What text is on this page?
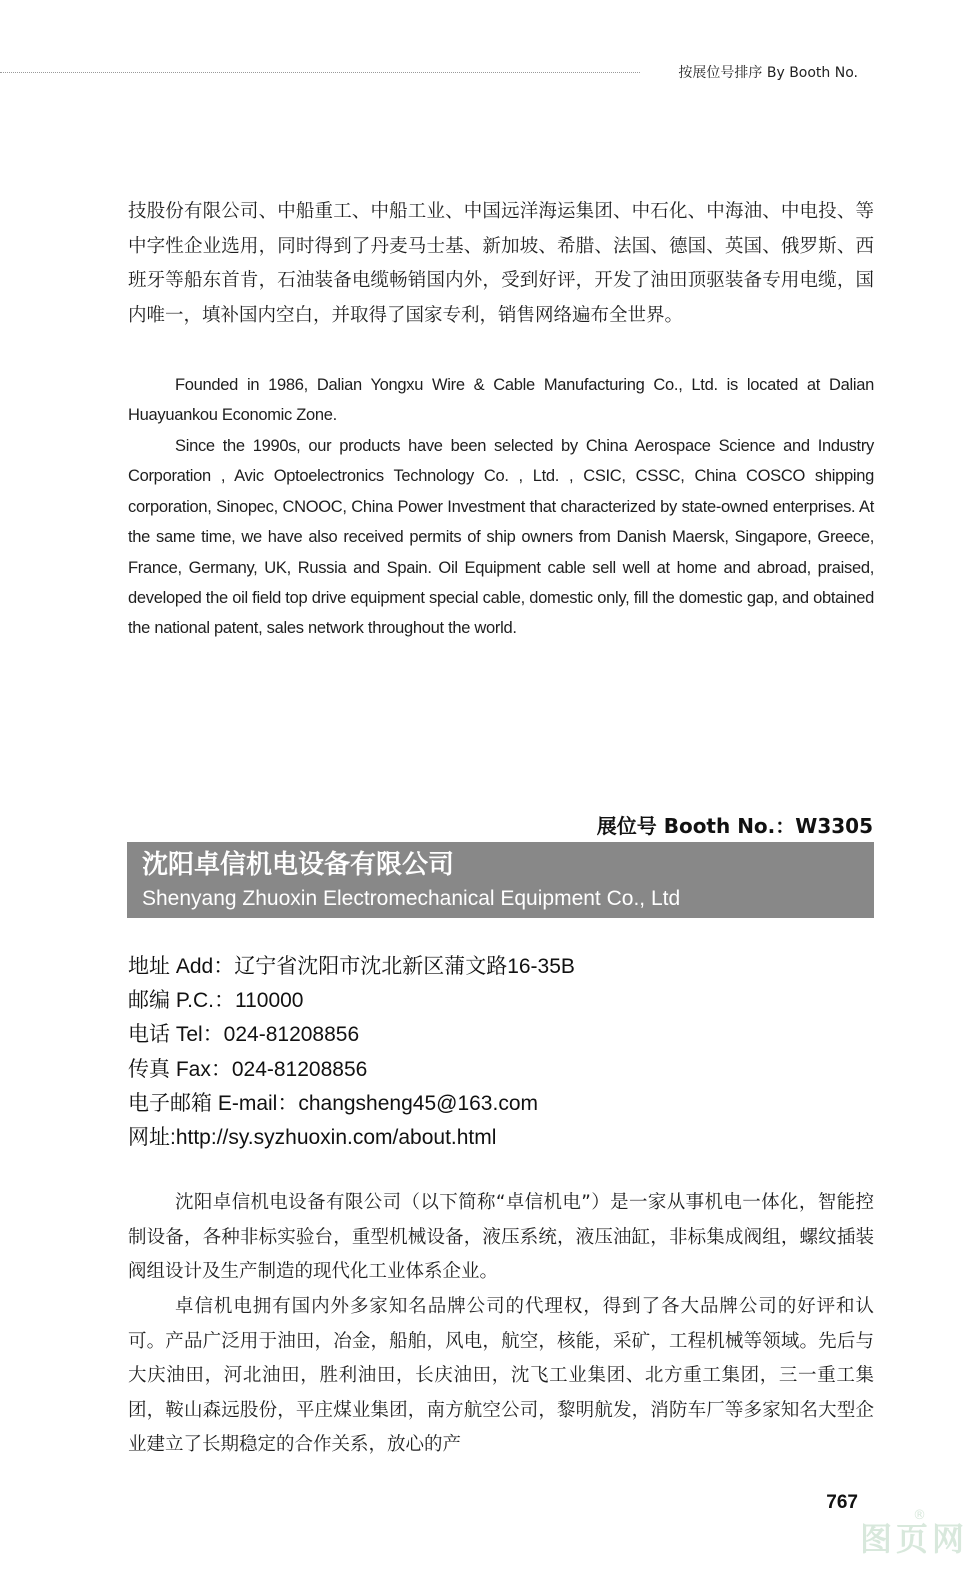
按展位号排序 By Booth No.

技股份有限公司、中船重工、中船工业、中国远洋海运集团、中石化、中海油、中电投、等中字性企业选用，同时得到了丹麦马士基、新加坡、希腊、法国、德国、英国、俄罗斯、西班牙等船东首肯，石油装备电缆畅销国内外，受到好评，开发了油田顶驱装备专用电缆，国内唯一，填补国内空白，并取得了国家专利，销售网络遍布全世界。

Founded in 1986, Dalian Yongxu Wire & Cable Manufacturing Co., Ltd. is located at Dalian Huayuankou Economic Zone.

Since the 1990s, our products have been selected by China Aerospace Science and Industry Corporation , Avic Optoelectronics Technology Co. , Ltd. , CSIC, CSSC, China COSCO shipping corporation, Sinopec, CNOOC, China Power Investment that characterized by state-owned enterprises. At the same time, we have also received permits of ship owners from Danish Maersk, Singapore, Greece, France, Germany, UK, Russia and Spain. Oil Equipment cable sell well at home and abroad, praised, developed the oil field top drive equipment special cable, domestic only, fill the domestic gap, and obtained the national patent, sales network throughout the world.

展位号 Booth No.：W3305
沈阳卓信机电设备有限公司
Shenyang Zhuoxin Electromechanical Equipment Co., Ltd
地址 Add：辽宁省沈阳市沈北新区蒲文路16-35B
邮编 P.C.：110000
电话 Tel：024-81208856
传真 Fax：024-81208856
电子邮箱 E-mail：changsheng45@163.com
网址:http://sy.syzhuoxin.com/about.html

沈阳卓信机电设备有限公司（以下简称“卓信机电”）是一家从事机电一体化，智能控制设备，各种非标实验台，重型机械设备，液压系统，液压油缸，非标集成阀组，螺纹插装阀组设计及生产制造的现代化工业体系企业。

卓信机电拥有国内外多家知名品牌公司的代理权，得到了各大品牌公司的好评和认可。产品广泛用于油田，冶金，船舶，风电，航空，核能，采矿，工程机械等领域。先后与大庆油田，河北油田，胜利油田，长庆油田，沈飞工业集团、北方重工集团，三一重工集团，鞍山森远股份，平庄煤业集团，南方航空公司，黎明航发，消防车厂等多家知名大型企业建立了长期稳定的合作关系，放心的产

767
®
图页网
